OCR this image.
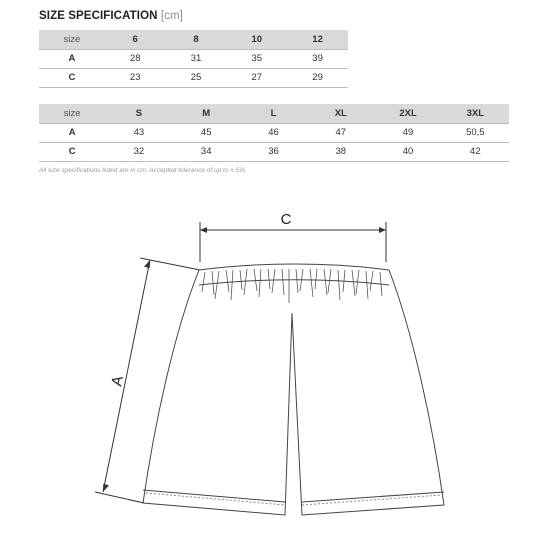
SIZE SPECIFICATION [cm]
size	6	8	10	12
A	28	31	35	39
C	23	25	27	29
size	S	M	L	XL	2XL	3XL
A	43	45	46	47	49	50,5
C	32	34	36	38	40	42
All size specifications listed are in cm. Accepted tolerance of up to ± 5%.
C
A
